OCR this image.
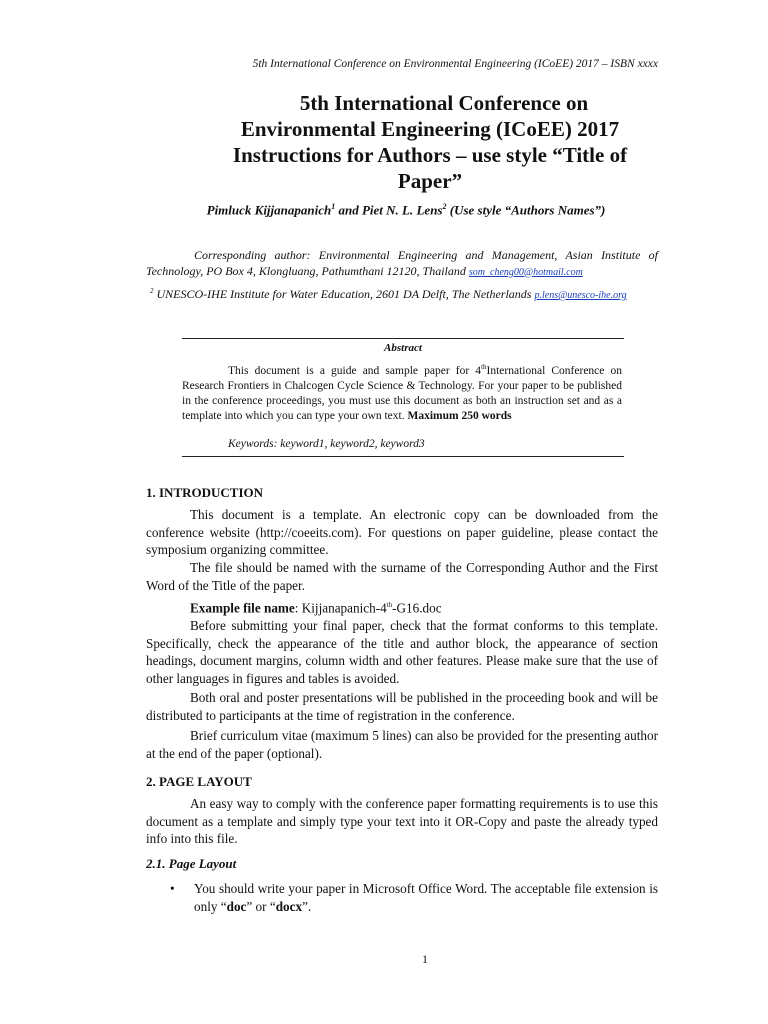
5th International Conference on Environmental Engineering (ICoEE) 2017 – ISBN xxxx
5th International Conference on
Environmental Engineering (ICoEE) 2017
Instructions for Authors – use style “Title of
Paper”
Pimluck Kijjanapanich$^1$ and Piet N. L. Lens$^2$ (Use style “Authors Names”)
Corresponding author: Environmental Engineering and Management, Asian Institute of Technology, PO Box 4, Klongluang, Pathumthani 12120, Thailand som_cheng00@hotmail.com
$^2$ UNESCO-IHE Institute for Water Education, 2601 DA Delft, The Netherlands p.lens@unesco-ihe.org
Abstract
This document is a guide and sample paper for 4thInternational Conference on Research Frontiers in Chalcogen Cycle Science & Technology. For your paper to be published in the conference proceedings, you must use this document as both an instruction set and as a template into which you can type your own text. Maximum 250 words
Keywords: keyword1, keyword2, keyword3
1. INTRODUCTION
This document is a template. An electronic copy can be downloaded from the conference website (http://coeeits.com). For questions on paper guideline, please contact the symposium organizing committee.
The file should be named with the surname of the Corresponding Author and the First Word of the Title of the paper.
Example file name: Kijjanapanich-4th-G16.doc
Before submitting your final paper, check that the format conforms to this template. Specifically, check the appearance of the title and author block, the appearance of section headings, document margins, column width and other features. Please make sure that the use of other languages in figures and tables is avoided.
Both oral and poster presentations will be published in the proceeding book and will be distributed to participants at the time of registration in the conference.
Brief curriculum vitae (maximum 5 lines) can also be provided for the presenting author at the end of the paper (optional).
2. PAGE LAYOUT
An easy way to comply with the conference paper formatting requirements is to use this document as a template and simply type your text into it OR-Copy and paste the already typed info into this file.
2.1. Page Layout
• You should write your paper in Microsoft Office Word. The acceptable file extension is only “doc” or “docx”.
1
